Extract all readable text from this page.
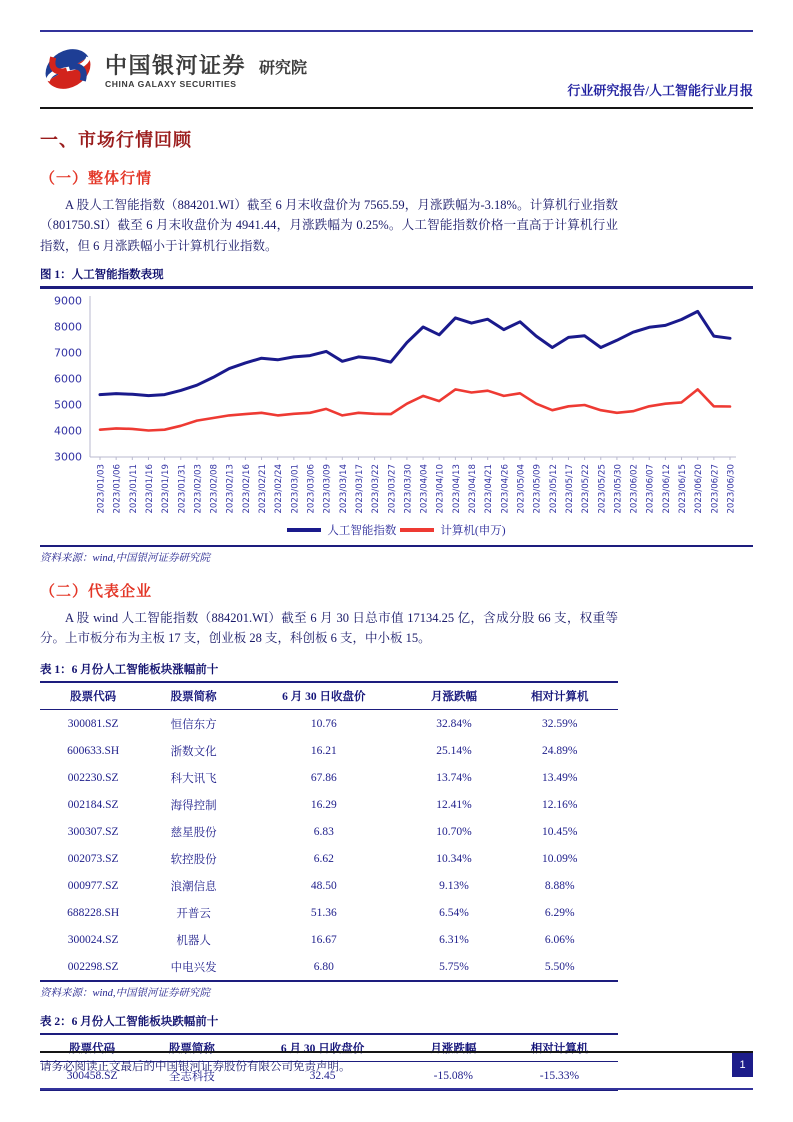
中国银河证券
CHINA GALAXY SECURITIES
研究院
行业研究报告/人工智能行业月报
一、市场行情回顾
（一）整体行情

A 股人工智能指数（884201.WI）截至 6 月末收盘价为 7565.59，月涨跌幅为-3.18%。计算机行业指数（801750.SI）截至 6 月末收盘价为 4941.44，月涨跌幅为 0.25%。人工智能指数价格一直高于计算机行业指数，但 6 月涨跌幅小于计算机行业指数。

图 1：人工智能指数表现
3000
4000
5000
6000
7000
8000
9000
2023/01/03 2023/01/06 2023/01/11 2023/01/16 2023/01/19 2023/01/31 2023/02/03 2023/02/08 2023/02/13 2023/02/16 2023/02/21 2023/02/24 2023/03/01 2023/03/06 2023/03/09 2023/03/14 2023/03/17 2023/03/22 2023/03/27 2023/03/30 2023/04/04 2023/04/10 2023/04/13 2023/04/18 2023/04/21 2023/04/26 2023/05/04 2023/05/09 2023/05/12 2023/05/17 2023/05/22 2023/05/25 2023/05/30 2023/06/02 2023/06/07 2023/06/12 2023/06/15 2023/06/20 2023/06/27 2023/06/30
人工智能指数	计算机(申万)
资料来源：wind,中国银河证券研究院
（二）代表企业

A 股 wind 人工智能指数（884201.WI）截至 6 月 30 日总市值 17134.25 亿，含成分股 66 支，权重等分。上市板分布为主板 17 支，创业板 28 支，科创板 6 支，中小板 15。

表 1：6 月份人工智能板块涨幅前十
股票代码	股票简称	6 月 30 日收盘价	月涨跌幅	相对计算机
300081.SZ	恒信东方	10.76	32.84%	32.59%
600633.SH	浙数文化	16.21	25.14%	24.89%
002230.SZ	科大讯飞	67.86	13.74%	13.49%
002184.SZ	海得控制	16.29	12.41%	12.16%
300307.SZ	慈星股份	6.83	10.70%	10.45%
002073.SZ	软控股份	6.62	10.34%	10.09%
000977.SZ	浪潮信息	48.50	9.13%	8.88%
688228.SH	开普云	51.36	6.54%	6.29%
300024.SZ	机器人	16.67	6.31%	6.06%
002298.SZ	中电兴发	6.80	5.75%	5.50%
资料来源：wind,中国银河证券研究院
表 2：6 月份人工智能板块跌幅前十
股票代码	股票简称	6 月 30 日收盘价	月涨跌幅	相对计算机
300458.SZ	全志科技	32.45	-15.08%	-15.33%
请务必阅读正文最后的中国银河证券股份有限公司免责声明。	1
